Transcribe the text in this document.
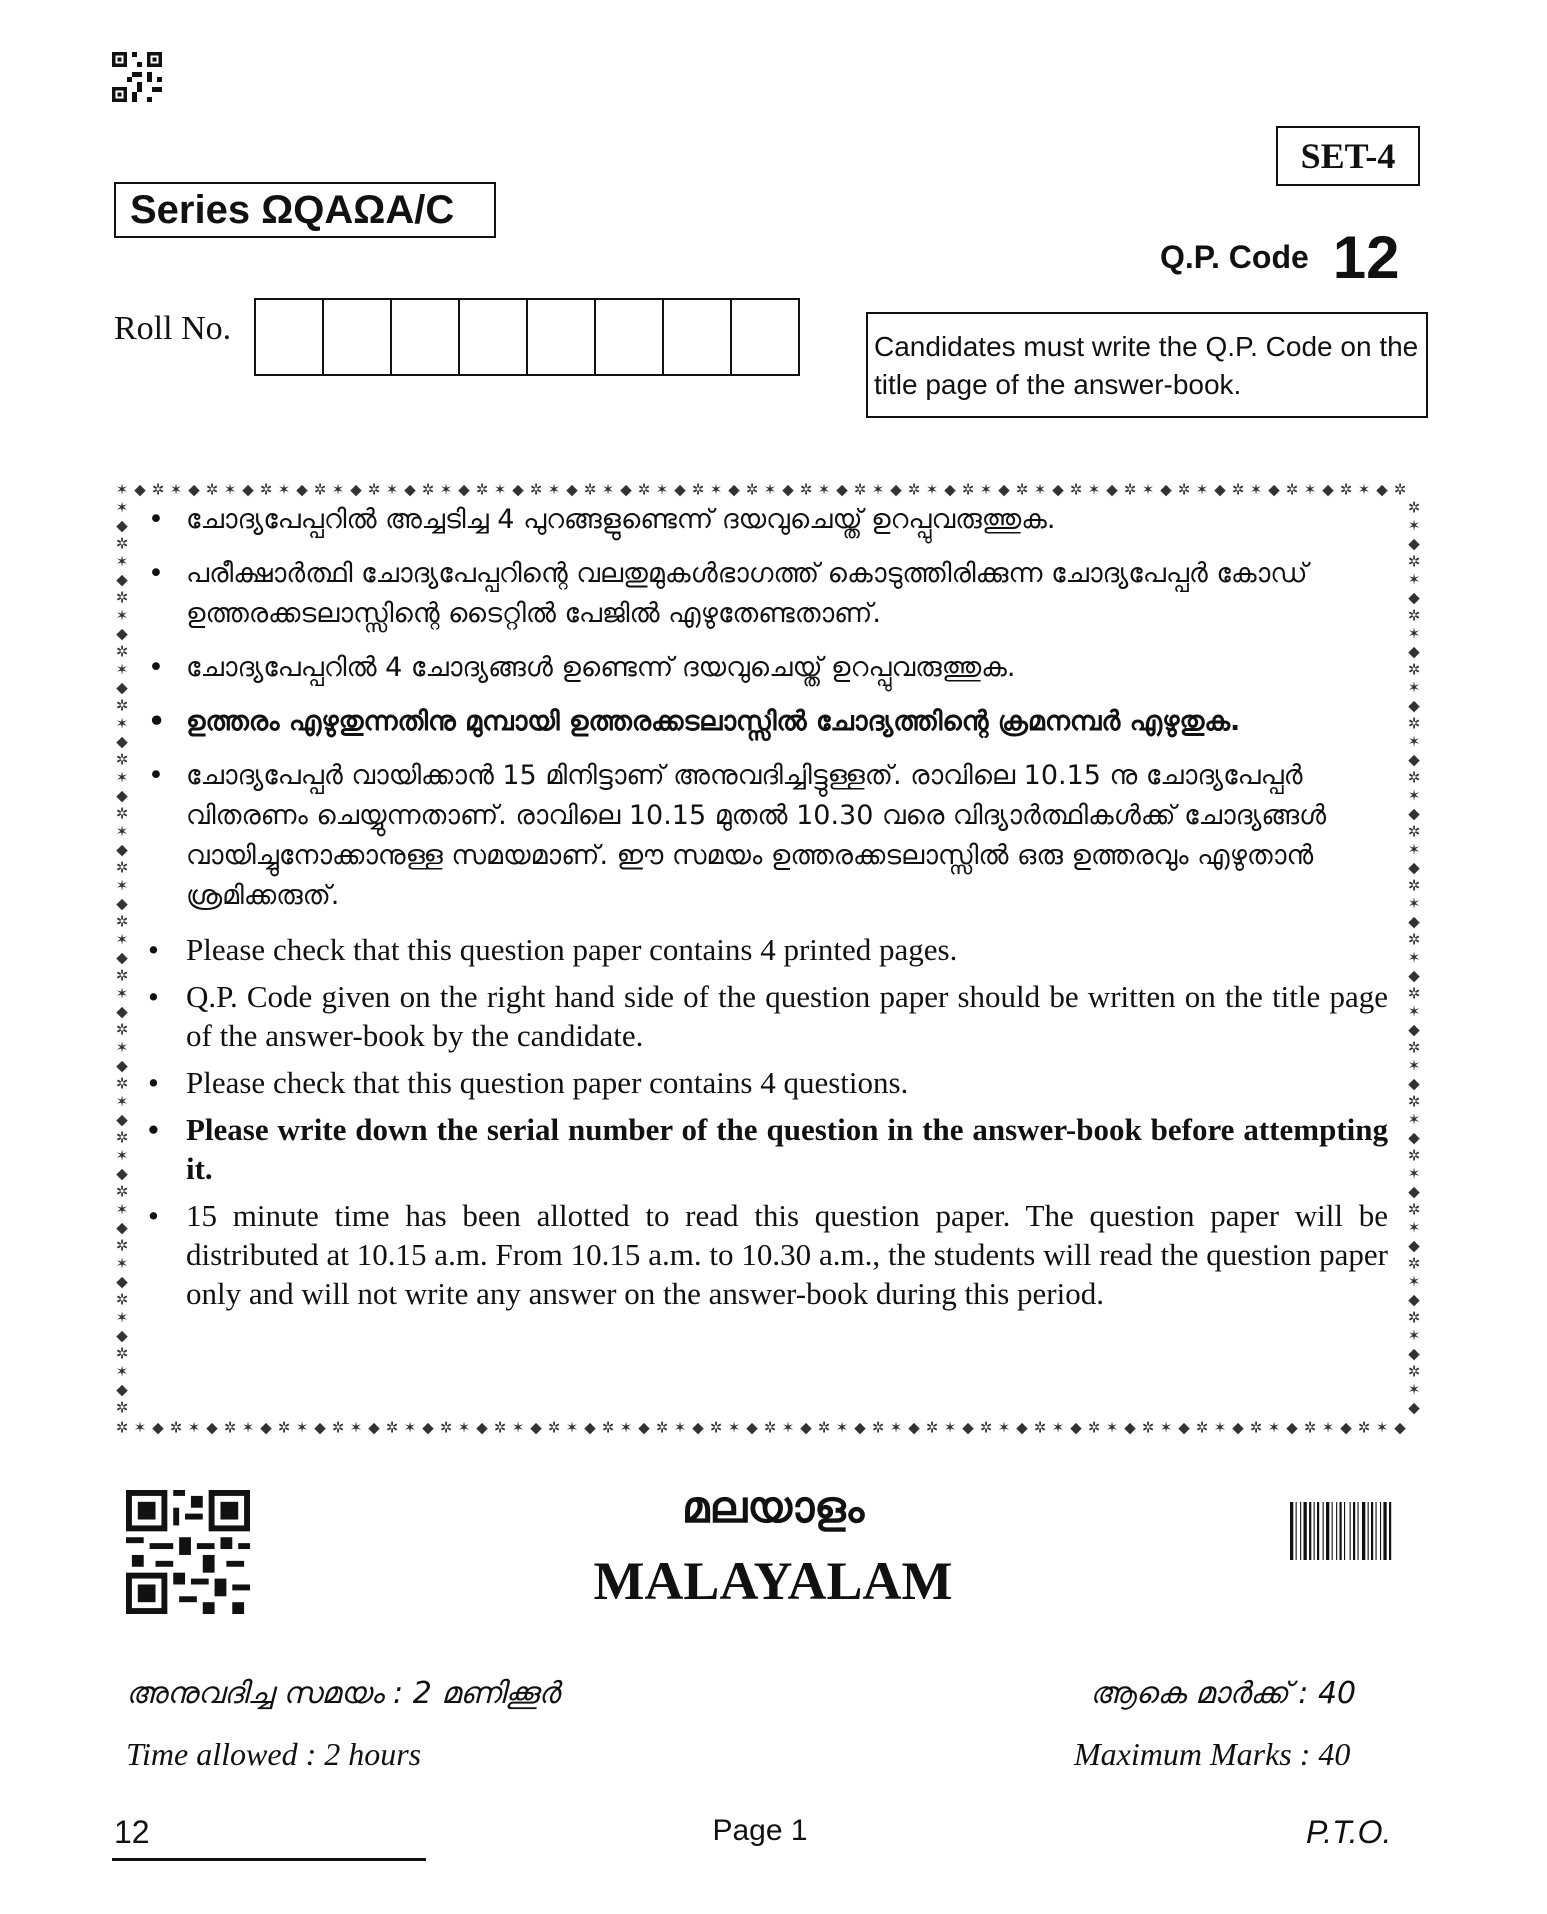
SET-4
Series ΩQAΩA/C
Q.P. Code 12
Roll No.	Candidates must write the Q.P. Code on the title page of the answer-book.
✶
✲
◆
✶
✲
◆
✶
✲
◆
✶
✲
◆
✶
✲
◆
✶
✲
◆
✶
✲
◆
✶
✲
◆
✶
✲
◆
✶
✲
◆
✶
✲
◆
✶
✲
◆
✶
✲
◆
✶
✲
◆
✶
✲
◆
✶
✲
◆
✶
✲
◆
✶
✲
◆
✶
✲
◆
✶
✲
◆
✶
✲
◆
✶
✲
◆
✶
✲
◆
✶
✲
◆
✶
✲
◆
✶
✲
◆
✶
✲
◆
✶
✲
◆
✶
✲
◆
✶
✲
◆
✶
✲
◆
✶
✲
◆
✶
✲
◆
✶
✲
◆
✶
✲
◆
✶
✲
◆
✶
✲
◆
✶
✲
◆
✶
✲
◆
✶
✲
◆
✶
✲
◆
✶
✲
◆
✶
✲
◆
✶
✲
◆
✶
✲
◆
✶
✲
◆
✶
✲
◆
✶
✲
◆
✶	✲
◆	✶
✲	◆
✶	✲
◆	✶
✲	◆
✶	✲
◆	✶
✲	◆
✶	✲
◆	✶
✲	◆
✶	✲
◆	✶
✲	◆
✶	✲
◆	✶
✲	◆
✶	✲
◆	✶
✲	◆
✶	✲
◆	✶
✲	◆
✶	✲
◆	✶
✲	◆
✶	✲
◆	✶
✲	◆
✶	✲
◆	✶
✲	◆
✶	✲
◆	✶
✲	◆
✶	✲
◆	✶
✲	◆
✶	✲
◆	✶
✲	◆
✶	✲
◆	✶
✲	◆
✶	✲
◆	✶
✲	◆
✶	✲
◆	✶
✲	◆
• ചോദ്യപേപ്പറിൽ അച്ചടിച്ച 4 പുറങ്ങളുണ്ടെന്ന് ദയവുചെയ്ത് ഉറപ്പുവരുത്തുക.
• പരീക്ഷാർത്ഥി ചോദ്യപേപ്പറിന്റെ വലതുമുകൾഭാഗത്ത് കൊടുത്തിരിക്കുന്ന ചോദ്യപേപ്പർ കോഡ് ഉത്തരക്കടലാസ്സിന്റെ ടൈറ്റിൽ പേജിൽ എഴുതേണ്ടതാണ്.
• ചോദ്യപേപ്പറിൽ 4 ചോദ്യങ്ങൾ ഉണ്ടെന്ന് ദയവുചെയ്ത് ഉറപ്പുവരുത്തുക.
• ഉത്തരം എഴുതുന്നതിനു മുമ്പായി ഉത്തരക്കടലാസ്സിൽ ചോദ്യത്തിന്റെ ക്രമനമ്പർ എഴുതുക.
• ചോദ്യപേപ്പർ വായിക്കാൻ 15 മിനിട്ടാണ് അനുവദിച്ചിട്ടുള്ളത്. രാവിലെ 10.15 നു ചോദ്യപേപ്പർ വിതരണം ചെയ്യുന്നതാണ്. രാവിലെ 10.15 മുതൽ 10.30 വരെ വിദ്യാർത്ഥികൾക്ക് ചോദ്യങ്ങൾ വായിച്ചുനോക്കാനുള്ള സമയമാണ്. ഈ സമയം ഉത്തരക്കടലാസ്സിൽ ഒരു ഉത്തരവും എഴുതാൻ ശ്രമിക്കരുത്.
• Please check that this question paper contains 4 printed pages.
• Q.P. Code given on the right hand side of the question paper should be written on the title page of the answer-book by the candidate.
• Please check that this question paper contains 4 questions.
• Please write down the serial number of the question in the answer-book before attempting it.
• 15 minute time has been allotted to read this question paper. The question paper will be distributed at 10.15 a.m. From 10.15 a.m. to 10.30 a.m., the students will read the question paper only and will not write any answer on the answer-book during this period.
മലയാളം
MALAYALAM
അനുവദിച്ച സമയം : 2 മണിക്കൂർ	ആകെ മാർക്ക് : 40
Time allowed : 2 hours	Maximum Marks : 40
12	Page 1	P.T.O.
